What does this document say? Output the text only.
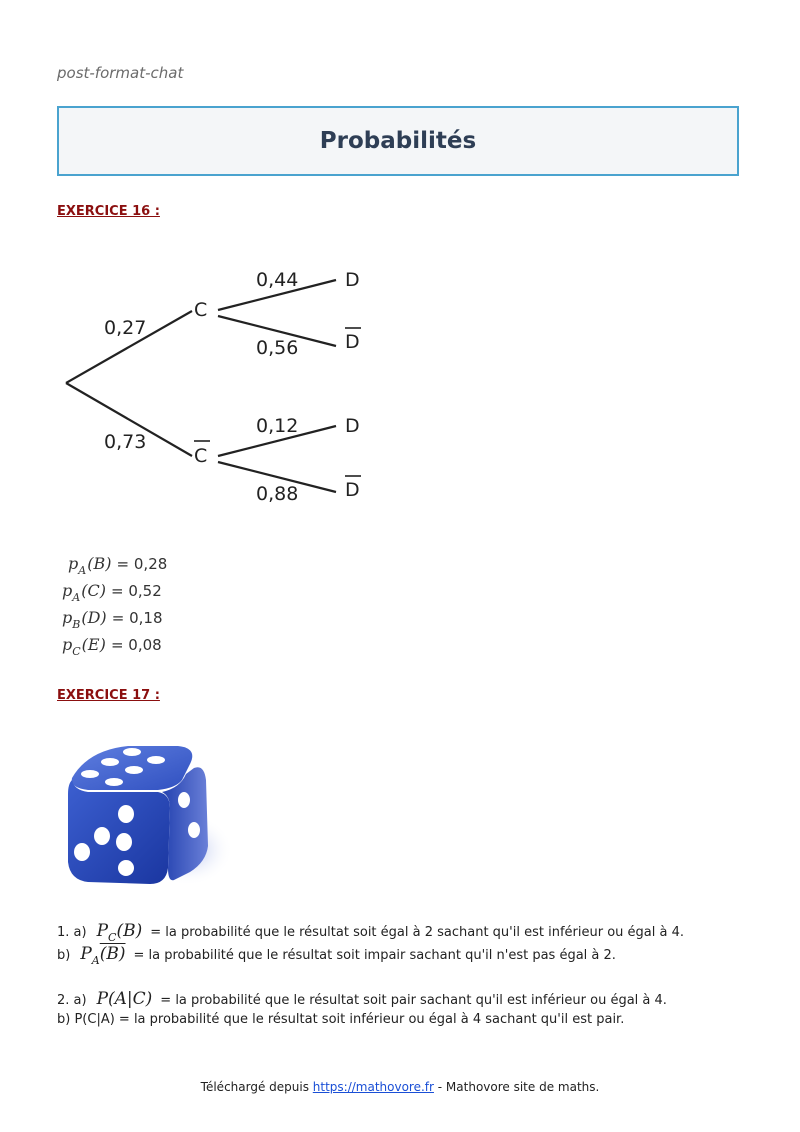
post-format-chat
Probabilités
EXERCICE 16 :
0,27
0,73
C
C
0,44
0,56
0,12
0,88
D
D
D
D
$p_A(B) = 0,28$
$p_A(C) = 0,52$
$p_B(D) = 0,18$
$p_C(E) = 0,08$
EXERCICE 17 :
1. a) $P_C(B)$ = la probabilité que le résultat soit égal à 2 sachant qu'il est inférieur ou égal à 4.
b) $P_A(B)$ = la probabilité que le résultat soit impair sachant qu'il n'est pas égal à 2.
2. a) P(A|C) = la probabilité que le résultat soit pair sachant qu'il est inférieur ou égal à 4.
b) P(C|A) = la probabilité que le résultat soit inférieur ou égal à 4 sachant qu'il est pair.
Téléchargé depuis https://mathovore.fr - Mathovore site de maths.
